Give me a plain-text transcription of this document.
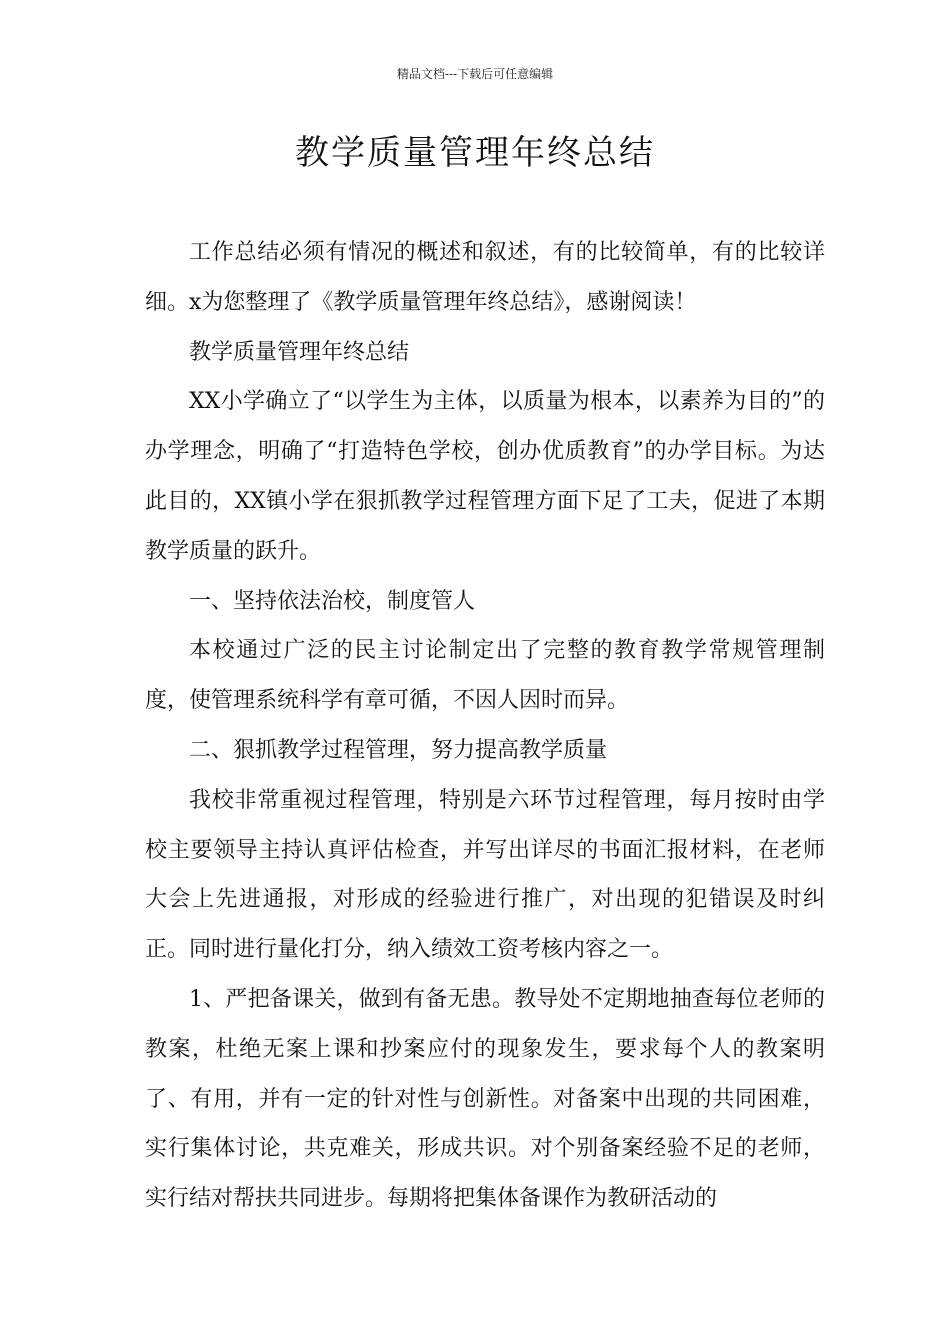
精品文档---下载后可任意编辑
教学质量管理年终总结

工作总结必须有情况的概述和叙述，有的比较简单，有的比较详细。x为您整理了《教学质量管理年终总结》，感谢阅读！

教学质量管理年终总结

XX小学确立了“以学生为主体，以质量为根本，以素养为目的”的办学理念，明确了“打造特色学校，创办优质教育”的办学目标。为达此目的，XX镇小学在狠抓教学过程管理方面下足了工夫，促进了本期教学质量的跃升。

一、坚持依法治校，制度管人

本校通过广泛的民主讨论制定出了完整的教育教学常规管理制度，使管理系统科学有章可循，不因人因时而异。

二、狠抓教学过程管理，努力提高教学质量

我校非常重视过程管理，特别是六环节过程管理，每月按时由学校主要领导主持认真评估检查，并写出详尽的书面汇报材料，在老师大会上先进通报，对形成的经验进行推广，对出现的犯错误及时纠正。同时进行量化打分，纳入绩效工资考核内容之一。

1、严把备课关，做到有备无患。教导处不定期地抽查每位老师的教案，杜绝无案上课和抄案应付的现象发生，要求每个人的教案明了、有用，并有一定的针对性与创新性。对备案中出现的共同困难，实行集体讨论，共克难关，形成共识。对个别备案经验不足的老师，实行结对帮扶共同进步。每期将把集体备课作为教研活动的
